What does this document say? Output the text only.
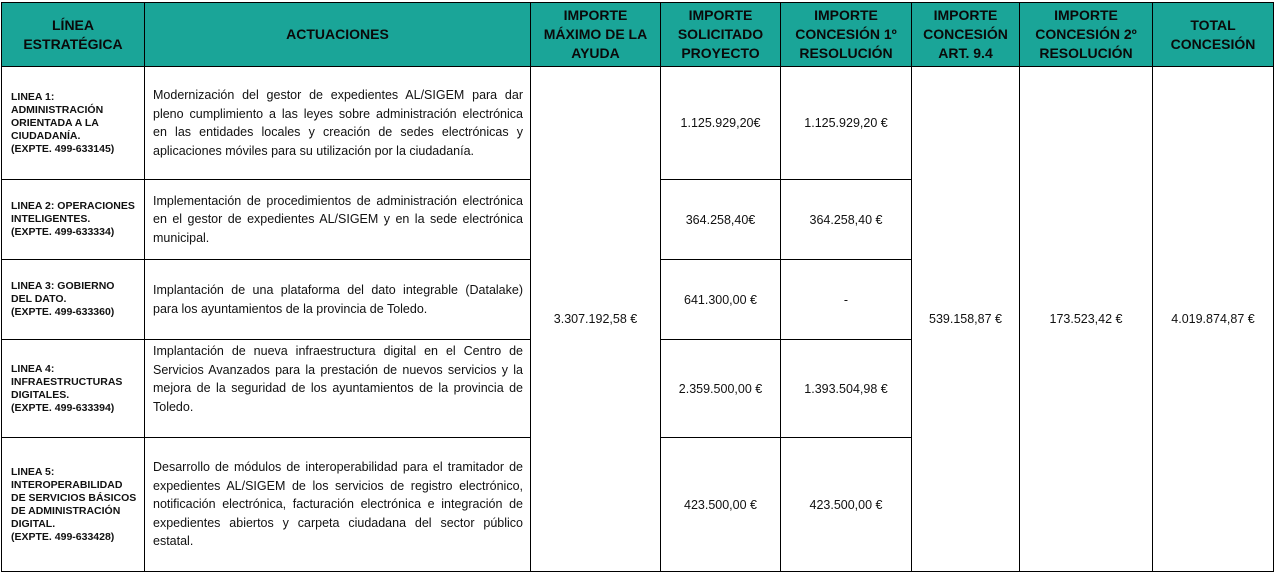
LÍNEA ESTRATÉGICA	ACTUACIONES	IMPORTE MÁXIMO DE LA AYUDA	IMPORTE SOLICITADO PROYECTO	IMPORTE CONCESIÓN 1º RESOLUCIÓN	IMPORTE CONCESIÓN ART. 9.4	IMPORTE CONCESIÓN 2º RESOLUCIÓN	TOTAL CONCESIÓN

LINEA 1: ADMINISTRACIÓN ORIENTADA A LA CIUDADANÍA.
(EXPTE. 499-633145)	Modernización del gestor de expedientes AL/SIGEM para dar pleno cumplimiento a las leyes sobre administración electrónica en las entidades locales y creación de sedes electrónicas y aplicaciones móviles para su utilización por la ciudadanía.	3.307.192,58 €	1.125.929,20€	1.125.929,20 €	539.158,87 €	173.523,42 €	4.019.874,87 €

LINEA 2: OPERACIONES INTELIGENTES.
(EXPTE. 499-633334)	Implementación de procedimientos de administración electrónica en el gestor de expedientes AL/SIGEM y en la sede electrónica municipal.		364.258,40€	364.258,40 €			

LINEA 3: GOBIERNO DEL DATO.
(EXPTE. 499-633360)	Implantación de una plataforma del dato integrable (Datalake) para los ayuntamientos de la provincia de Toledo.		641.300,00 €	-			

LINEA 4: INFRAESTRUCTURAS DIGITALES.
(EXPTE. 499-633394)	Implantación de nueva infraestructura digital en el Centro de Servicios Avanzados para la prestación de nuevos servicios y la mejora de la seguridad de los ayuntamientos de la provincia de Toledo.		2.359.500,00 €	1.393.504,98 €			

LINEA 5: INTEROPERABILIDAD DE SERVICIOS BÁSICOS DE ADMINISTRACIÓN DIGITAL.
(EXPTE. 499-633428)	Desarrollo de módulos de interoperabilidad para el tramitador de expedientes AL/SIGEM de los servicios de registro electrónico, notificación electrónica, facturación electrónica e integración de expedientes abiertos y carpeta ciudadana del sector público estatal.		423.500,00 €	423.500,00 €			
